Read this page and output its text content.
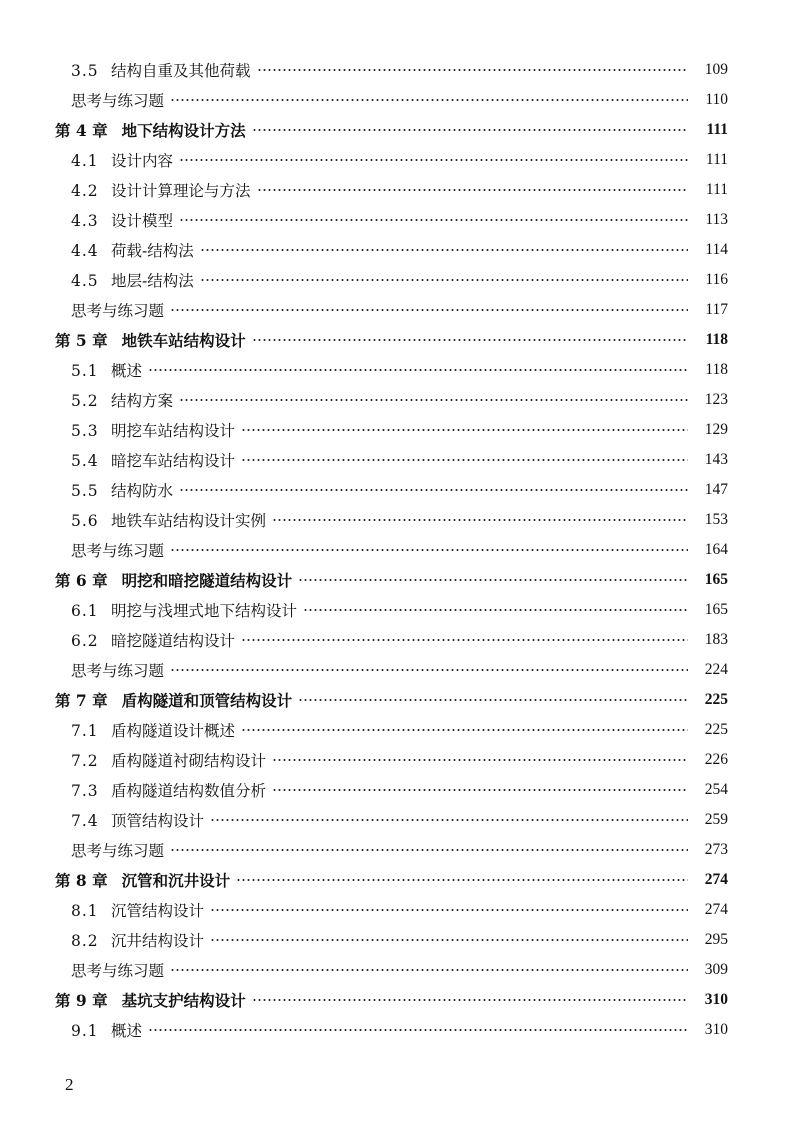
3.5 结构自重及其他荷载	109
思考与练习题	110
第 4 章 地下结构设计方法	111
4.1 设计内容	111
4.2 设计计算理论与方法	111
4.3 设计模型	113
4.4 荷载-结构法	114
4.5 地层-结构法	116
思考与练习题	117
第 5 章 地铁车站结构设计	118
5.1 概述	118
5.2 结构方案	123
5.3 明挖车站结构设计	129
5.4 暗挖车站结构设计	143
5.5 结构防水	147
5.6 地铁车站结构设计实例	153
思考与练习题	164
第 6 章 明挖和暗挖隧道结构设计	165
6.1 明挖与浅埋式地下结构设计	165
6.2 暗挖隧道结构设计	183
思考与练习题	224
第 7 章 盾构隧道和顶管结构设计	225
7.1 盾构隧道设计概述	225
7.2 盾构隧道衬砌结构设计	226
7.3 盾构隧道结构数值分析	254
7.4 顶管结构设计	259
思考与练习题	273
第 8 章 沉管和沉井设计	274
8.1 沉管结构设计	274
8.2 沉井结构设计	295
思考与练习题	309
第 9 章 基坑支护结构设计	310
9.1 概述	310
2
